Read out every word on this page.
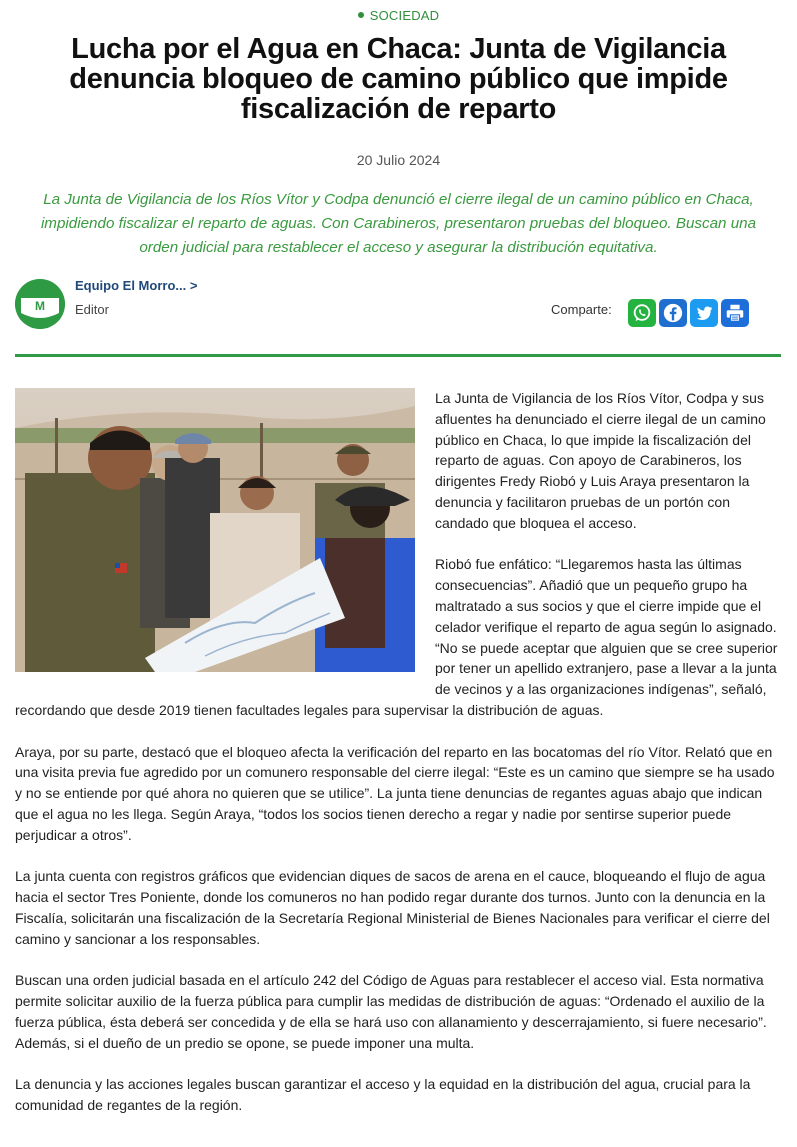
SOCIEDAD
Lucha por el Agua en Chaca: Junta de Vigilancia denuncia bloqueo de camino público que impide fiscalización de reparto
20 Julio 2024

La Junta de Vigilancia de los Ríos Vítor y Codpa denunció el cierre ilegal de un camino público en Chaca, impidiendo fiscalizar el reparto de aguas. Con Carabineros, presentaron pruebas del bloqueo. Buscan una orden judicial para restablecer el acceso y asegurar la distribución equitativa.

M
Equipo El Morro... >
Editor	Comparte:

La Junta de Vigilancia de los Ríos Vítor, Codpa y sus afluentes ha denunciado el cierre ilegal de un camino público en Chaca, lo que impide la fiscalización del reparto de aguas. Con apoyo de Carabineros, los dirigentes Fredy Riobó y Luis Araya presentaron la denuncia y facilitaron pruebas de un portón con candado que bloquea el acceso.

Riobó fue enfático: “Llegaremos hasta las últimas consecuencias”. Añadió que un pequeño grupo ha maltratado a sus socios y que el cierre impide que el celador verifique el reparto de agua según lo asignado. “No se puede aceptar que alguien que se cree superior por tener un apellido extranjero, pase a llevar a la junta de vecinos y a las organizaciones indígenas”, señaló, recordando que desde 2019 tienen facultades legales para supervisar la distribución de aguas.

Araya, por su parte, destacó que el bloqueo afecta la verificación del reparto en las bocatomas del río Vítor. Relató que en una visita previa fue agredido por un comunero responsable del cierre ilegal: “Este es un camino que siempre se ha usado y no se entiende por qué ahora no quieren que se utilice”. La junta tiene denuncias de regantes aguas abajo que indican que el agua no les llega. Según Araya, “todos los socios tienen derecho a regar y nadie por sentirse superior puede perjudicar a otros”.

La junta cuenta con registros gráficos que evidencian diques de sacos de arena en el cauce, bloqueando el flujo de agua hacia el sector Tres Poniente, donde los comuneros no han podido regar durante dos turnos. Junto con la denuncia en la Fiscalía, solicitarán una fiscalización de la Secretaría Regional Ministerial de Bienes Nacionales para verificar el cierre del camino y sancionar a los responsables.

Buscan una orden judicial basada en el artículo 242 del Código de Aguas para restablecer el acceso vial. Esta normativa permite solicitar auxilio de la fuerza pública para cumplir las medidas de distribución de aguas: “Ordenado el auxilio de la fuerza pública, ésta deberá ser concedida y de ella se hará uso con allanamiento y descerrajamiento, si fuere necesario”. Además, si el dueño de un predio se opone, se puede imponer una multa.

La denuncia y las acciones legales buscan garantizar el acceso y la equidad en la distribución del agua, crucial para la comunidad de regantes de la región.
